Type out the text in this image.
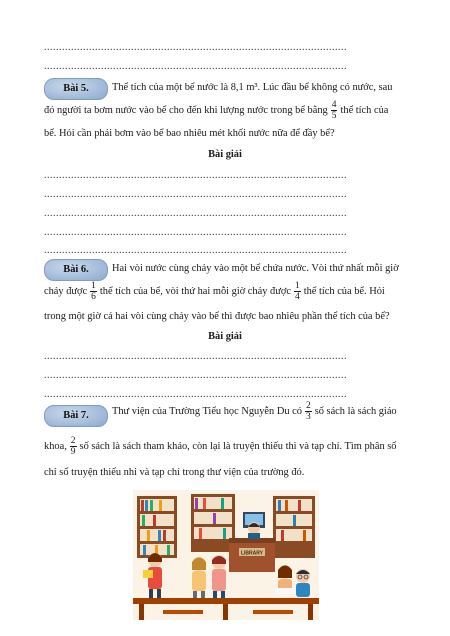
.....................................................................................................
.....................................................................................................
Bài 5.	Thể tích của một bể nước là 8,1 m³. Lúc đầu bể không có nước, sau
đó người ta bơm nước vào bể cho đến khi lượng nước trong bể bằng $\frac{4}{5}$ thể tích của
bể. Hỏi cần phải bơm vào bể bao nhiêu mét khối nước nữa để đầy bể?
Bài giải
.....................................................................................................
.....................................................................................................
.....................................................................................................
.....................................................................................................
.....................................................................................................
Bài 6.	Hai vòi nước cùng chảy vào một bể chứa nước. Vòi thứ nhất mỗi giờ
chảy được $\frac{1}{6}$ thể tích của bể, vòi thứ hai mỗi giờ chảy được $\frac{1}{4}$ thể tích của bể. Hỏi
trong một giờ cả hai vòi cùng chảy vào bể thì được bao nhiêu phần thể tích của bể?
Bài giải
.....................................................................................................
.....................................................................................................
.....................................................................................................
Bài 7.	Thư viện của Trường Tiểu học Nguyễn Du có $\frac{2}{3}$ số sách là sách giáo
khoa, $\frac{2}{9}$ số sách là sách tham khảo, còn lại là truyện thiếu thi và tạp chí. Tìm phân số
chỉ số truyện thiếu nhi và tạp chí trong thư viện của trường đó.
LIBRARY
